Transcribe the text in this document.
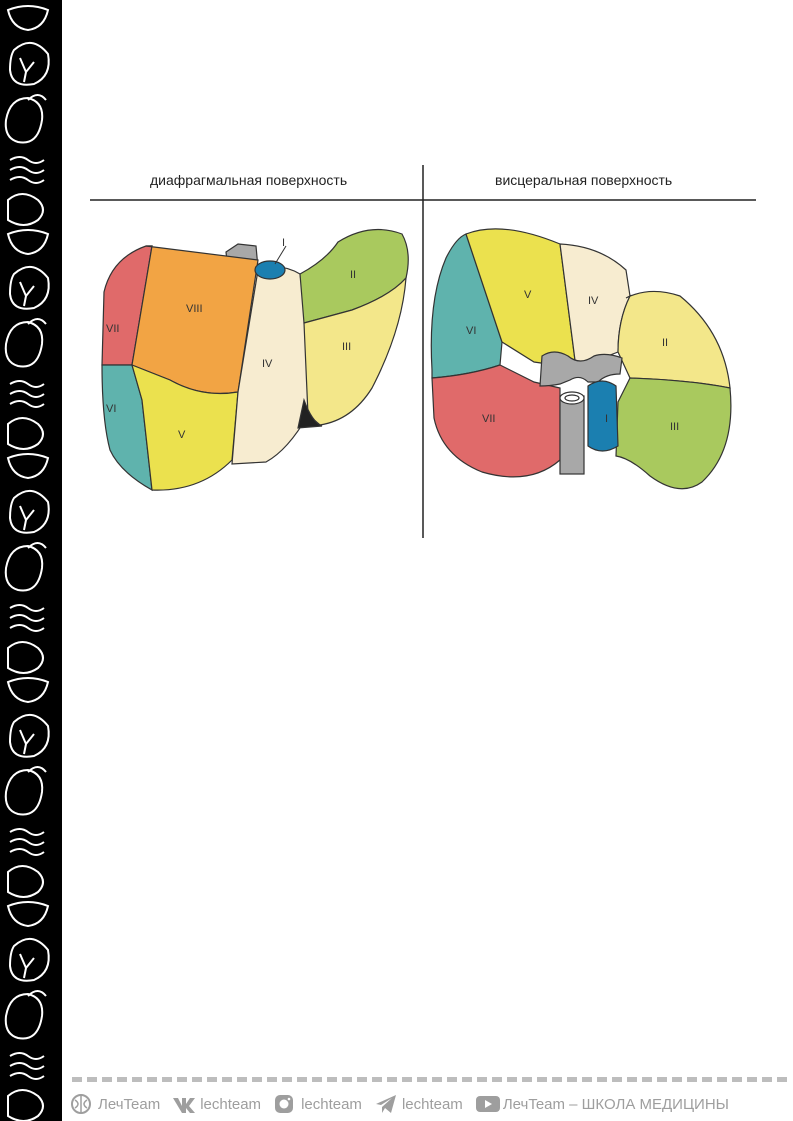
диафрагмальная поверхность	висцеральная поверхность
I
II
III
IV
V
VI
VII
VIII
I
II
III
IV
V
VI
VII
ЛечTeam	lechteam	lechteam	lechteam	ЛечTeam – ШКОЛА МЕДИЦИНЫ
